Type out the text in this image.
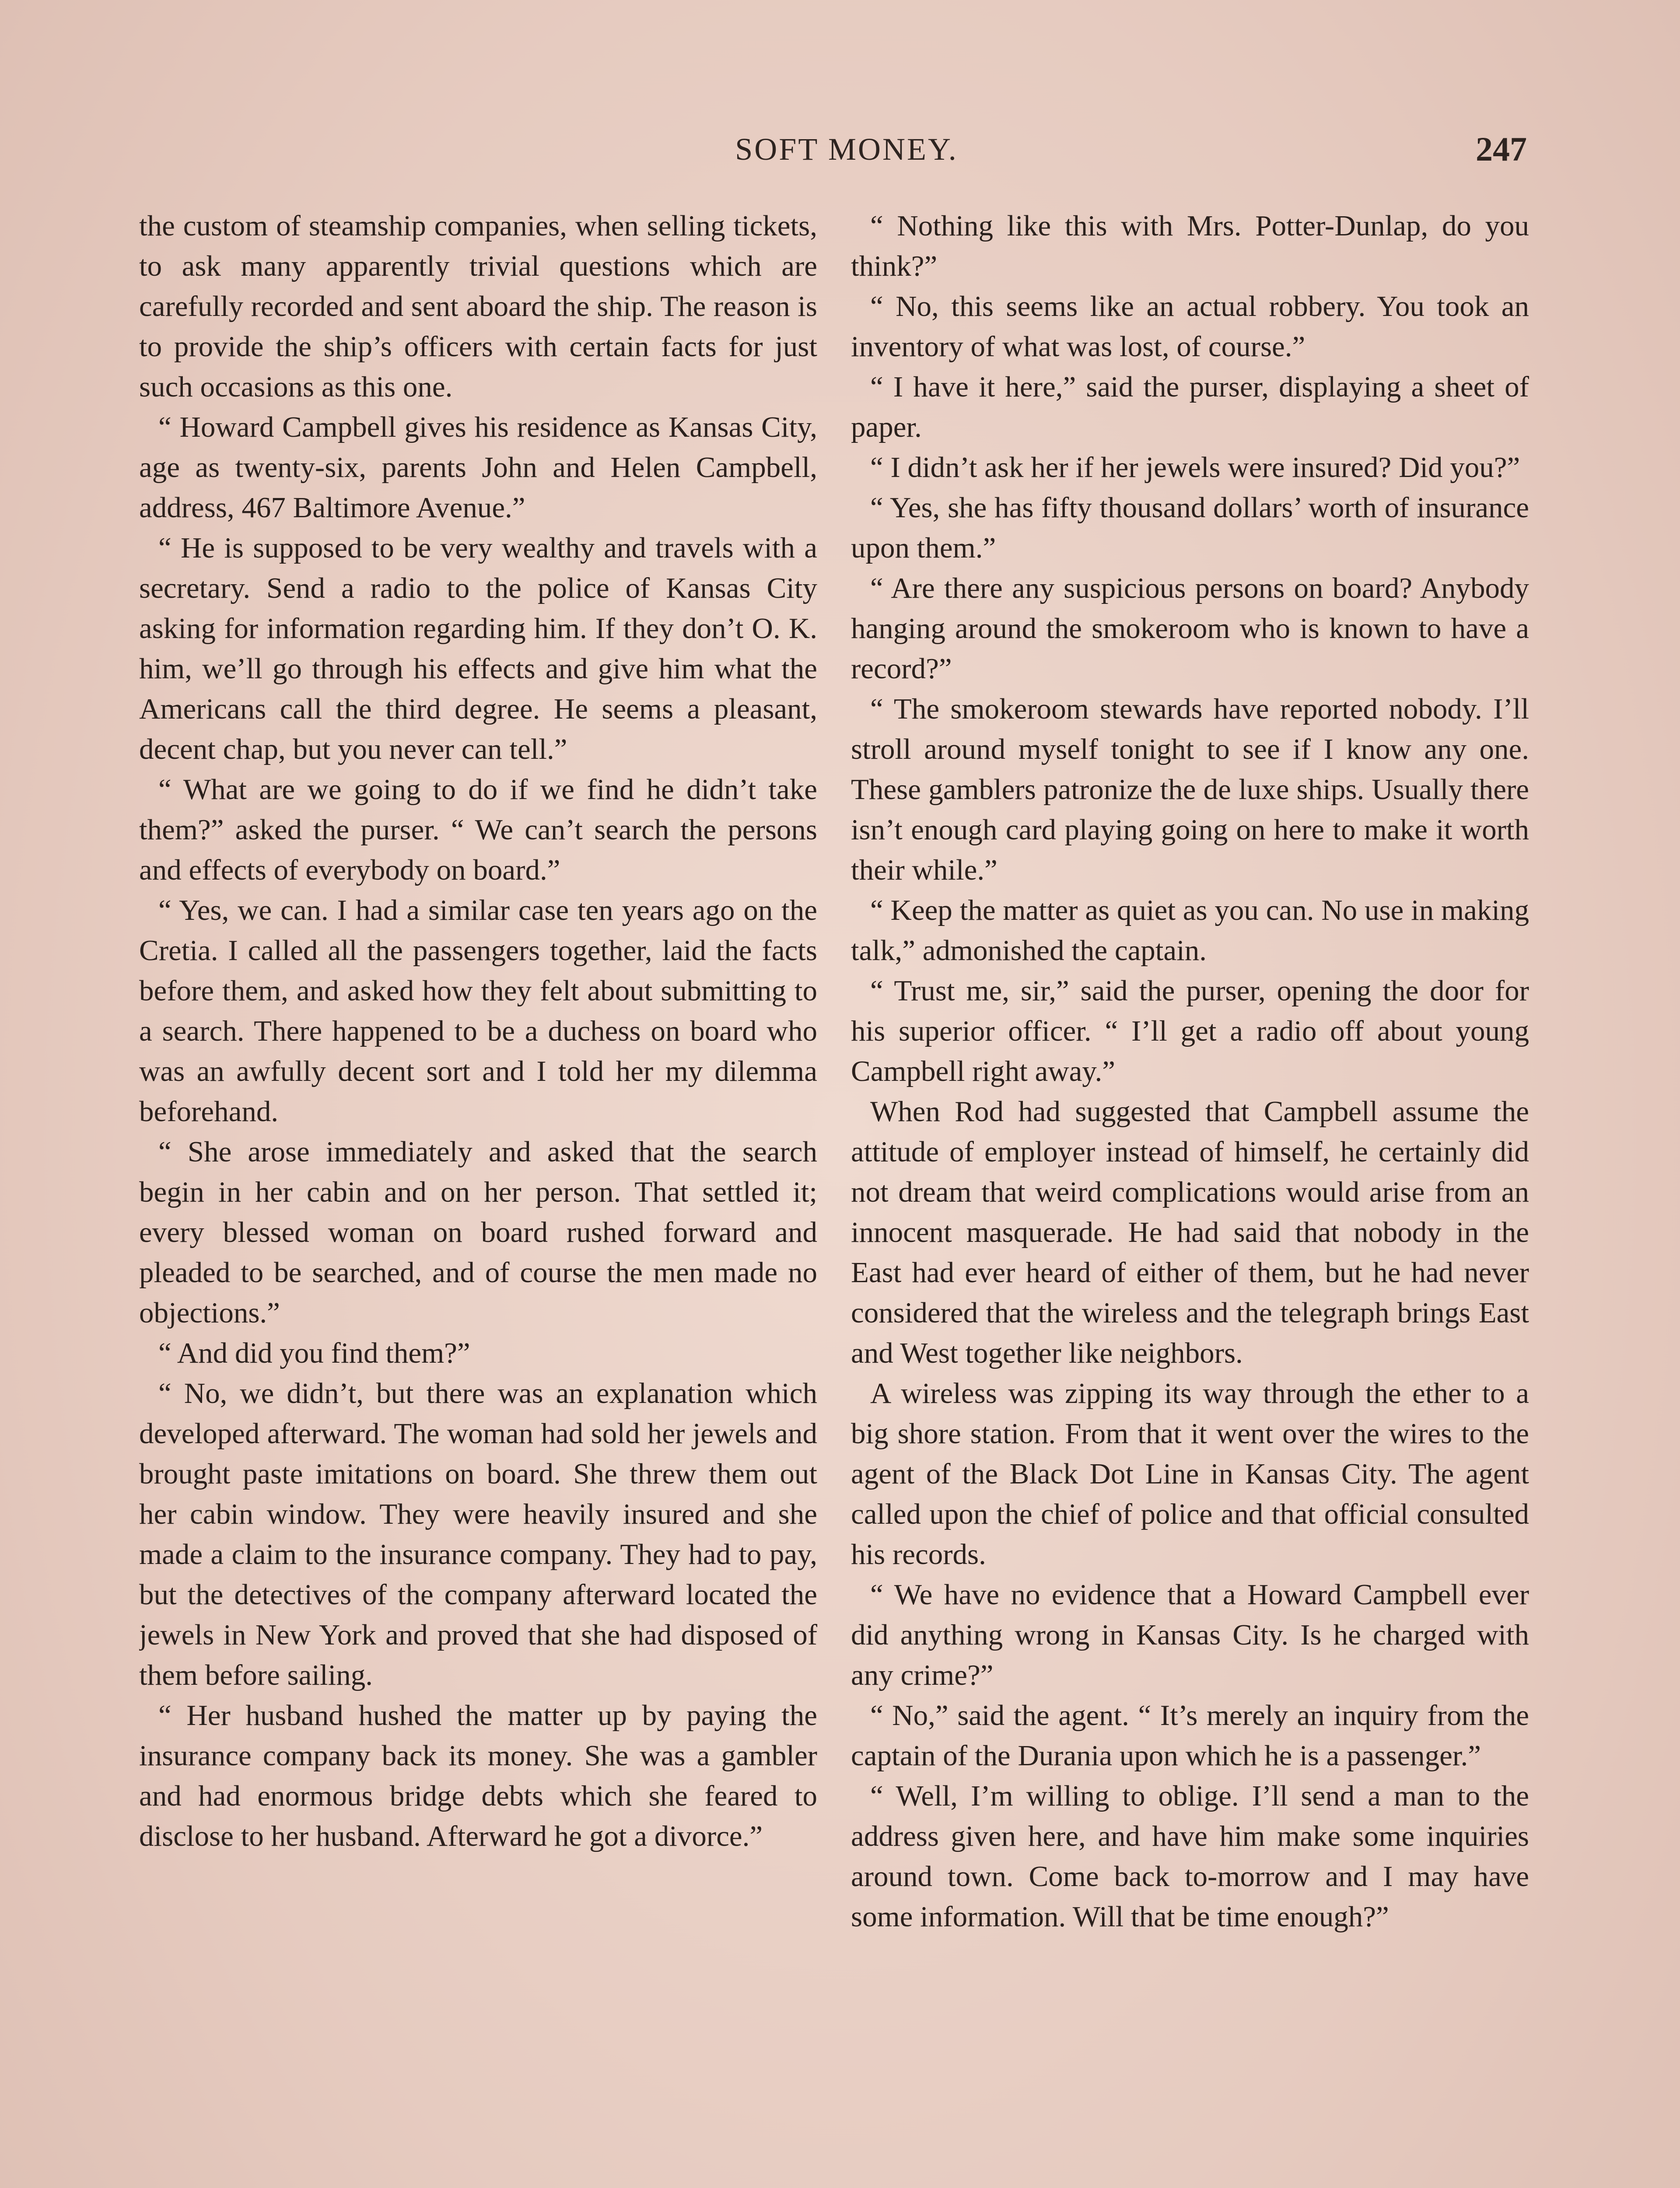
SOFT MONEY.	247

the custom of steamship companies, when selling tickets, to ask many apparently trivial questions which are carefully recorded and sent aboard the ship. The reason is to provide the ship’s officers with certain facts for just such occasions as this one.

“ Howard Campbell gives his residence as Kansas City, age as twenty-six, parents John and Helen Campbell, address, 467 Baltimore Avenue.”

“ He is supposed to be very wealthy and travels with a secretary. Send a radio to the police of Kansas City asking for information regarding him. If they don’t O. K. him, we’ll go through his effects and give him what the Americans call the third degree. He seems a pleasant, decent chap, but you never can tell.”

“ What are we going to do if we find he didn’t take them?” asked the purser. “ We can’t search the persons and effects of everybody on board.”

“ Yes, we can. I had a similar case ten years ago on the Cretia. I called all the passengers together, laid the facts before them, and asked how they felt about submitting to a search. There happened to be a duchess on board who was an awfully decent sort and I told her my dilemma beforehand.

“ She arose immediately and asked that the search begin in her cabin and on her person. That settled it; every blessed woman on board rushed forward and pleaded to be searched, and of course the men made no objections.”

“ And did you find them?”

“ No, we didn’t, but there was an explanation which developed afterward. The woman had sold her jewels and brought paste imitations on board. She threw them out her cabin window. They were heavily insured and she made a claim to the insurance company. They had to pay, but the detectives of the company afterward located the jewels in New York and proved that she had disposed of them before sailing.

“ Her husband hushed the matter up by paying the insurance company back its money. She was a gambler and had enormous bridge debts which she feared to disclose to her husband. Afterward he got a divorce.”

“ Nothing like this with Mrs. Potter-Dunlap, do you think?”

“ No, this seems like an actual robbery. You took an inventory of what was lost, of course.”

“ I have it here,” said the purser, displaying a sheet of paper.

“ I didn’t ask her if her jewels were insured? Did you?”

“ Yes, she has fifty thousand dollars’ worth of insurance upon them.”

“ Are there any suspicious persons on board? Anybody hanging around the smokeroom who is known to have a record?”

“ The smokeroom stewards have reported nobody. I’ll stroll around myself tonight to see if I know any one. These gamblers patronize the de luxe ships. Usually there isn’t enough card playing going on here to make it worth their while.”

“ Keep the matter as quiet as you can. No use in making talk,” admonished the captain.

“ Trust me, sir,” said the purser, opening the door for his superior officer. “ I’ll get a radio off about young Campbell right away.”

When Rod had suggested that Campbell assume the attitude of employer instead of himself, he certainly did not dream that weird complications would arise from an innocent masquerade. He had said that nobody in the East had ever heard of either of them, but he had never considered that the wireless and the telegraph brings East and West together like neighbors.

A wireless was zipping its way through the ether to a big shore station. From that it went over the wires to the agent of the Black Dot Line in Kansas City. The agent called upon the chief of police and that official consulted his records.

“ We have no evidence that a Howard Campbell ever did anything wrong in Kansas City. Is he charged with any crime?”

“ No,” said the agent. “ It’s merely an inquiry from the captain of the Durania upon which he is a passenger.”

“ Well, I’m willing to oblige. I’ll send a man to the address given here, and have him make some inquiries around town. Come back to-morrow and I may have some information. Will that be time enough?”
